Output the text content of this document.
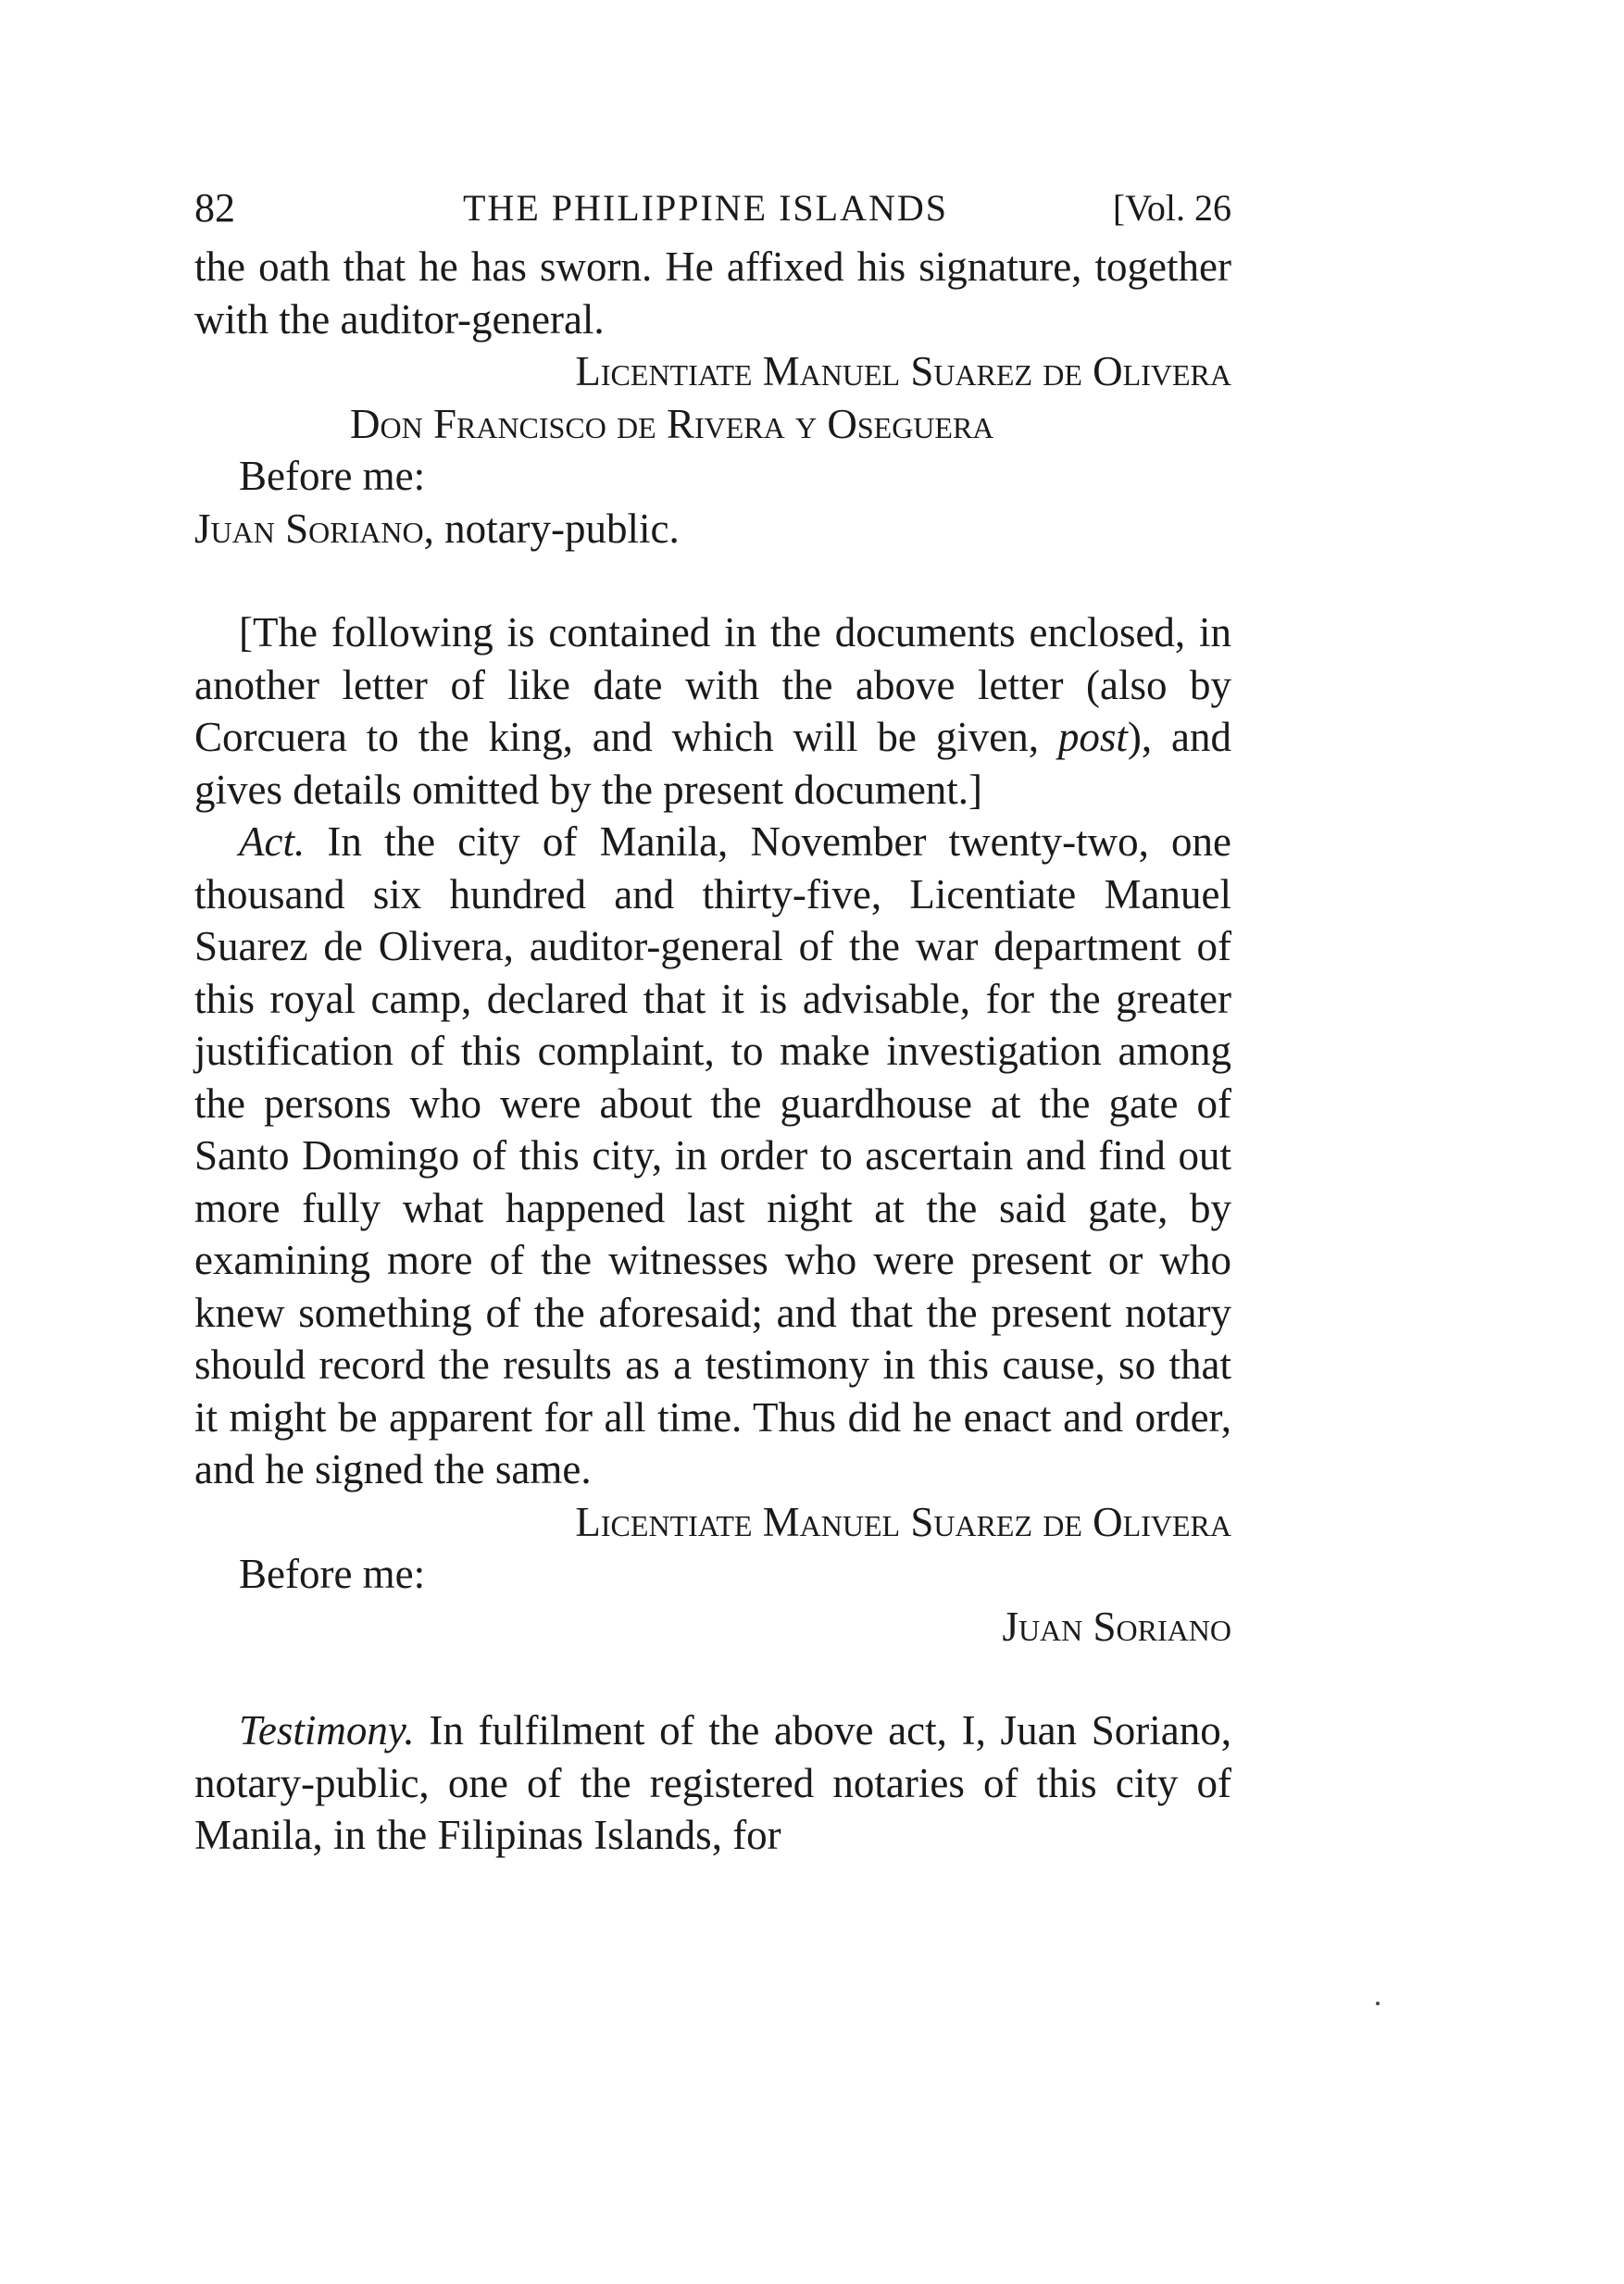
82	THE PHILIPPINE ISLANDS	[Vol. 26

the oath that he has sworn. He affixed his signature, together with the auditor-general.

Licentiate Manuel Suarez de Olivera

Don Francisco de Rivera y Oseguera

Before me:

Juan Soriano, notary-public.

[The following is contained in the documents enclosed, in another letter of like date with the above letter (also by Corcuera to the king, and which will be given, post), and gives details omitted by the present document.]

Act. In the city of Manila, November twenty-two, one thousand six hundred and thirty-five, Licentiate Manuel Suarez de Olivera, auditor-general of the war department of this royal camp, declared that it is advisable, for the greater justification of this complaint, to make investigation among the persons who were about the guardhouse at the gate of Santo Domingo of this city, in order to ascertain and find out more fully what happened last night at the said gate, by examining more of the witnesses who were present or who knew something of the aforesaid; and that the present notary should record the results as a testimony in this cause, so that it might be apparent for all time. Thus did he enact and order, and he signed the same.

Licentiate Manuel Suarez de Olivera

Before me:

Juan Soriano

Testimony. In fulfilment of the above act, I, Juan Soriano, notary-public, one of the registered notaries of this city of Manila, in the Filipinas Islands, for
